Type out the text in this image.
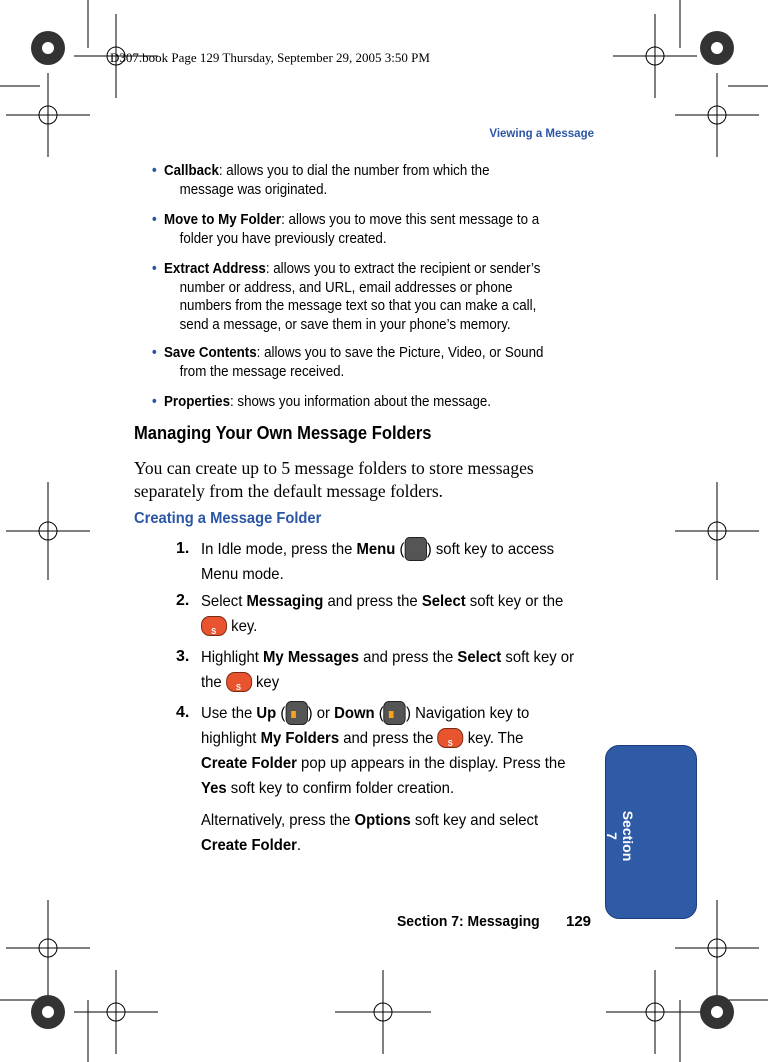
D307.book Page 129 Thursday, September 29, 2005 3:50 PM
Viewing a Message
• Callback: allows you to dial the number from which the
message was originated.
• Move to My Folder: allows you to move this sent message to a
folder you have previously created.
• Extract Address: allows you to extract the recipient or sender’s
number or address, and URL, email addresses or phone
numbers from the message text so that you can make a call,
send a message, or save them in your phone’s memory.
• Save Contents: allows you to save the Picture, Video, or Sound
from the message received.
• Properties: shows you information about the message.
Managing Your Own Message Folders
You can create up to 5 message folders to store messages separately from the default message folders.
Creating a Message Folder
1. In Idle mode, press the Menu ( ) soft key to access
Menu mode.
2. Select Messaging and press the Select soft key or the
S key.
3. Highlight My Messages and press the Select soft key or
the S key
4. Use the Up ( ) or Down ( ) Navigation key to
highlight My Folders and press the S key. The
Create Folder pop up appears in the display. Press the
Yes soft key to confirm folder creation.
Alternatively, press the Options soft key and select
Create Folder.	Section 7
Section 7: Messaging 129
